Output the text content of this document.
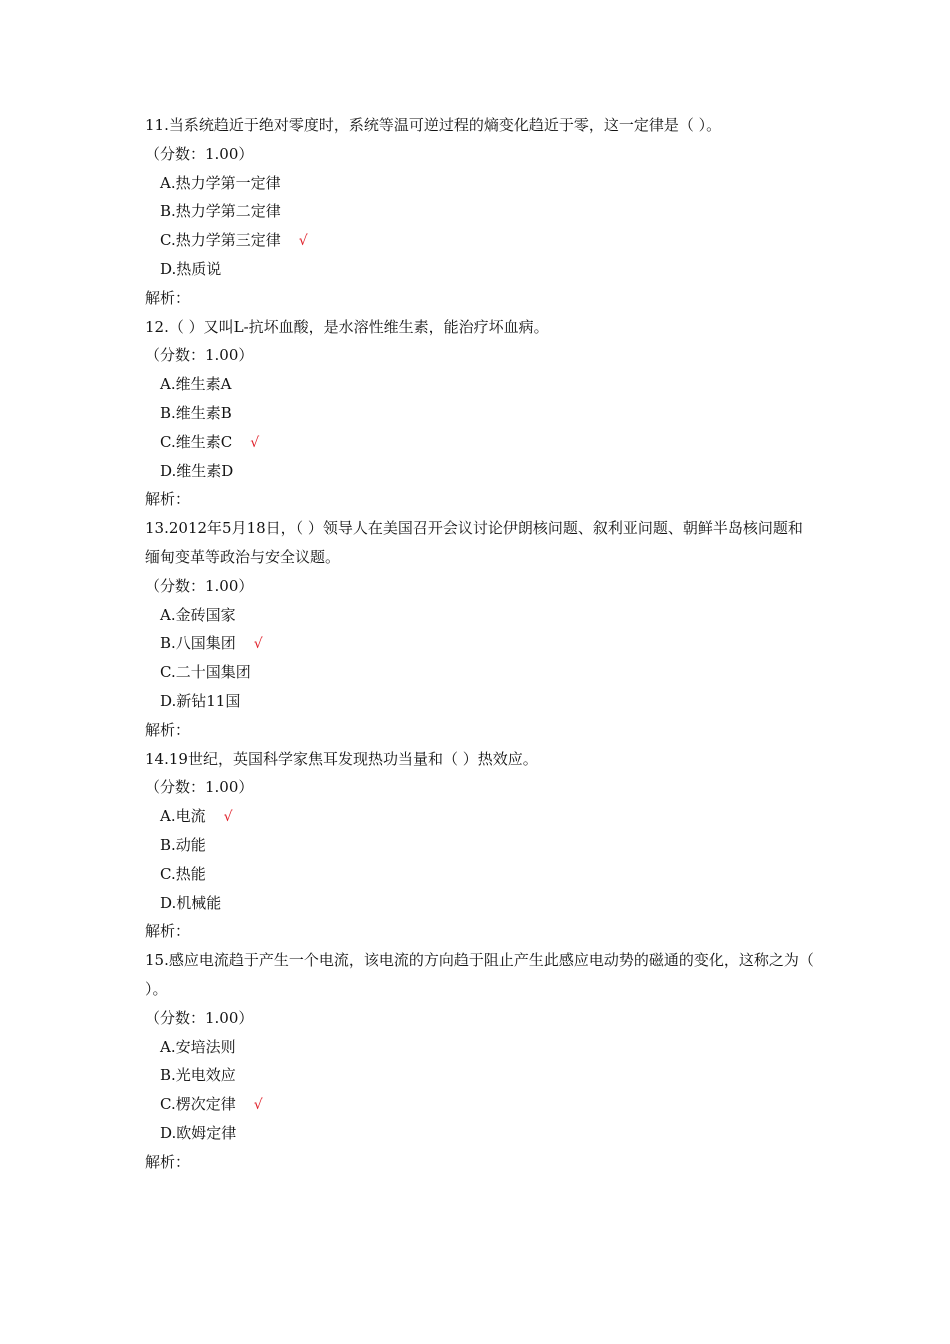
11.当系统趋近于绝对零度时，系统等温可逆过程的熵变化趋近于零，这一定律是（ ）。
（分数：1.00）
A.热力学第一定律
B.热力学第二定律
C.热力学第三定律 √
D.热质说
解析：
12.（ ）又叫L-抗坏血酸，是水溶性维生素，能治疗坏血病。
（分数：1.00）
A.维生素A
B.维生素B
C.维生素C √
D.维生素D
解析：
13.2012年5月18日，（ ）领导人在美国召开会议讨论伊朗核问题、叙利亚问题、朝鲜半岛核问题和缅甸变革等政治与安全议题。
（分数：1.00）
A.金砖国家
B.八国集团 √
C.二十国集团
D.新钻11国
解析：
14.19世纪，英国科学家焦耳发现热功当量和（ ）热效应。
（分数：1.00）
A.电流 √
B.动能
C.热能
D.机械能
解析：
15.感应电流趋于产生一个电流，该电流的方向趋于阻止产生此感应电动势的磁通的变化，这称之为（ ）。
（分数：1.00）
A.安培法则
B.光电效应
C.楞次定律 √
D.欧姆定律
解析：
